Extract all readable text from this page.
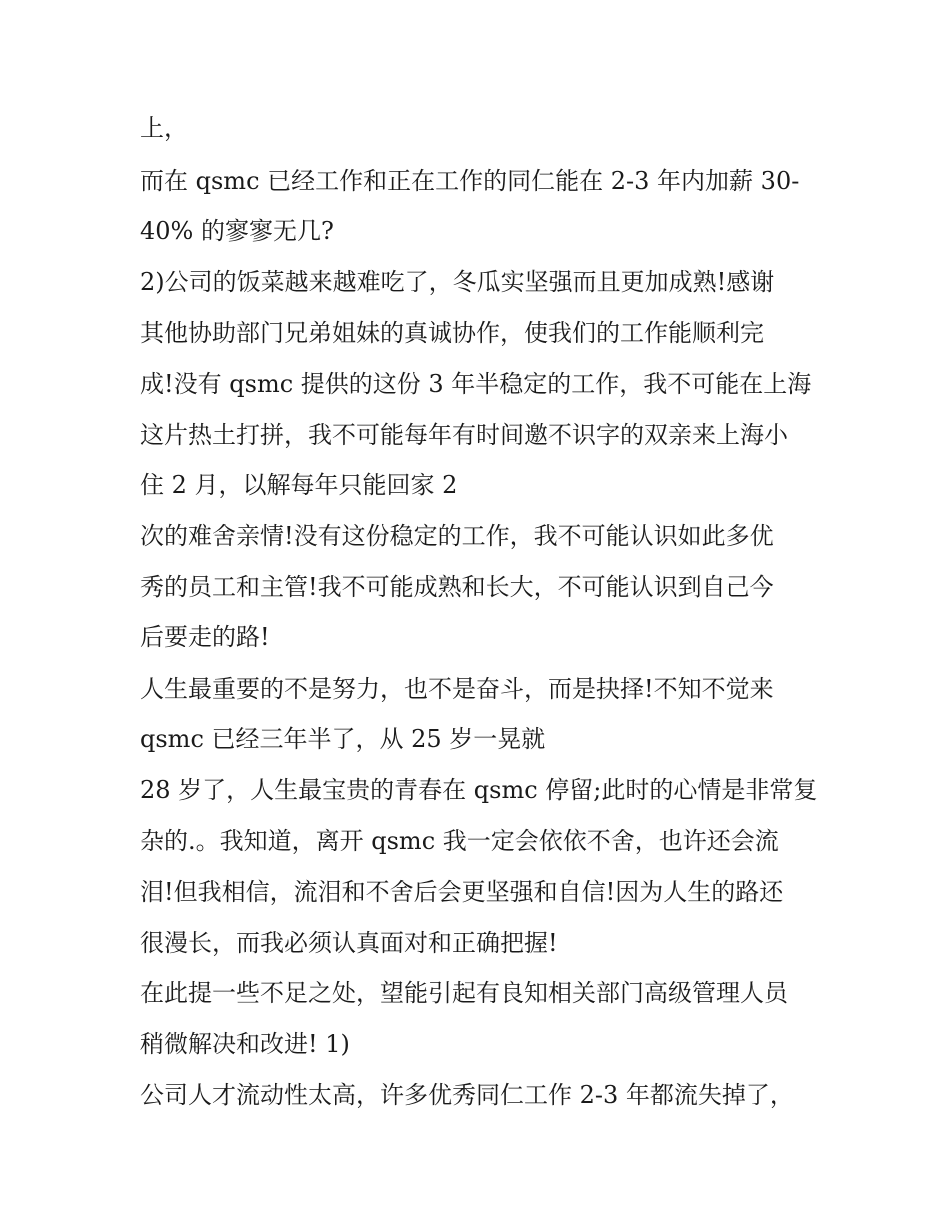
上，
而在 qsmc 已经工作和正在工作的同仁能在 2-3 年内加薪 30-
40% 的寥寥无几?
2)公司的饭菜越来越难吃了，冬瓜实坚强而且更加成熟!感谢
其他协助部门兄弟姐妹的真诚协作，使我们的工作能顺利完
成!没有 qsmc 提供的这份 3 年半稳定的工作，我不可能在上海
这片热土打拼，我不可能每年有时间邀不识字的双亲来上海小
住 2 月，以解每年只能回家 2
次的难舍亲情!没有这份稳定的工作，我不可能认识如此多优
秀的员工和主管!我不可能成熟和长大，不可能认识到自己今
后要走的路!
人生最重要的不是努力，也不是奋斗，而是抉择!不知不觉来
qsmc 已经三年半了，从 25 岁一晃就
28 岁了，人生最宝贵的青春在 qsmc 停留;此时的心情是非常复
杂的.。我知道，离开 qsmc 我一定会依依不舍，也许还会流
泪!但我相信，流泪和不舍后会更坚强和自信!因为人生的路还
很漫长，而我必须认真面对和正确把握!
在此提一些不足之处，望能引起有良知相关部门高级管理人员
稍微解决和改进! 1)
公司人才流动性太高，许多优秀同仁工作 2-3 年都流失掉了，
